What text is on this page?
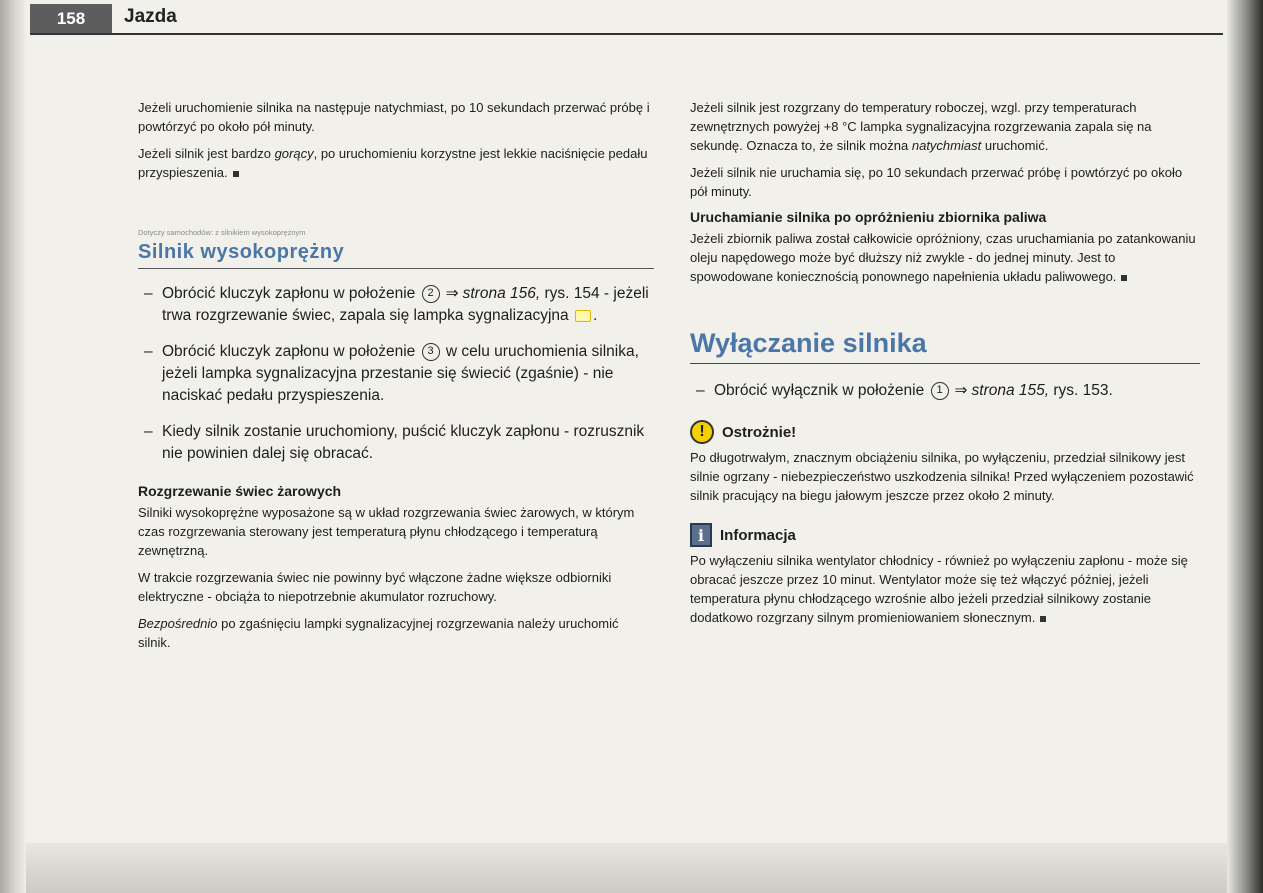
158	Jazda

Jeżeli uruchomienie silnika na następuje natychmiast, po 10 sekundach przerwać próbę i powtórzyć po około pół minuty.

Jeżeli silnik jest bardzo gorący, po uruchomieniu korzystne jest lekkie naciśnięcie pedału przyspieszenia.

Dotyczy samochodów: z silnikiem wysokoprężnym
Silnik wysokoprężny
– Obrócić kluczyk zapłonu w położenie 2 ⇒ strona 156, rys. 154 - jeżeli trwa rozgrzewanie świec, zapala się lampka sygnalizacyjna .
– Obrócić kluczyk zapłonu w położenie 3 w celu uruchomienia silnika, jeżeli lampka sygnalizacyjna przestanie się świecić (zgaśnie) - nie naciskać pedału przyspieszenia.
– Kiedy silnik zostanie uruchomiony, puścić kluczyk zapłonu - rozrusznik nie powinien dalej się obracać.
Rozgrzewanie świec żarowych

Silniki wysokoprężne wyposażone są w układ rozgrzewania świec żarowych, w którym czas rozgrzewania sterowany jest temperaturą płynu chłodzącego i temperaturą zewnętrzną.

W trakcie rozgrzewania świec nie powinny być włączone żadne większe odbiorniki elektryczne - obciąża to niepotrzebnie akumulator rozruchowy.

Bezpośrednio po zgaśnięciu lampki sygnalizacyjnej rozgrzewania należy uruchomić silnik.

Jeżeli silnik jest rozgrzany do temperatury roboczej, wzgl. przy temperaturach zewnętrznych powyżej +8 °C lampka sygnalizacyjna rozgrzewania zapala się na sekundę. Oznacza to, że silnik można natychmiast uruchomić.

Jeżeli silnik nie uruchamia się, po 10 sekundach przerwać próbę i powtórzyć po około pół minuty.

Uruchamianie silnika po opróżnieniu zbiornika paliwa

Jeżeli zbiornik paliwa został całkowicie opróżniony, czas uruchamiania po zatankowaniu oleju napędowego może być dłuższy niż zwykle - do jednej minuty. Jest to spowodowane koniecznością ponownego napełnienia układu paliwowego.

Wyłączanie silnika
– Obrócić wyłącznik w położenie 1 ⇒ strona 155, rys. 153.
!	Ostrożnie!

Po długotrwałym, znacznym obciążeniu silnika, po wyłączeniu, przedział silnikowy jest silnie ogrzany - niebezpieczeństwo uszkodzenia silnika! Przed wyłączeniem pozostawić silnik pracujący na biegu jałowym jeszcze przez około 2 minuty.

i	Informacja

Po wyłączeniu silnika wentylator chłodnicy - również po wyłączeniu zapłonu - może się obracać jeszcze przez 10 minut. Wentylator może się też włączyć później, jeżeli temperatura płynu chłodzącego wzrośnie albo jeżeli przedział silnikowy zostanie dodatkowo rozgrzany silnym promieniowaniem słonecznym.
